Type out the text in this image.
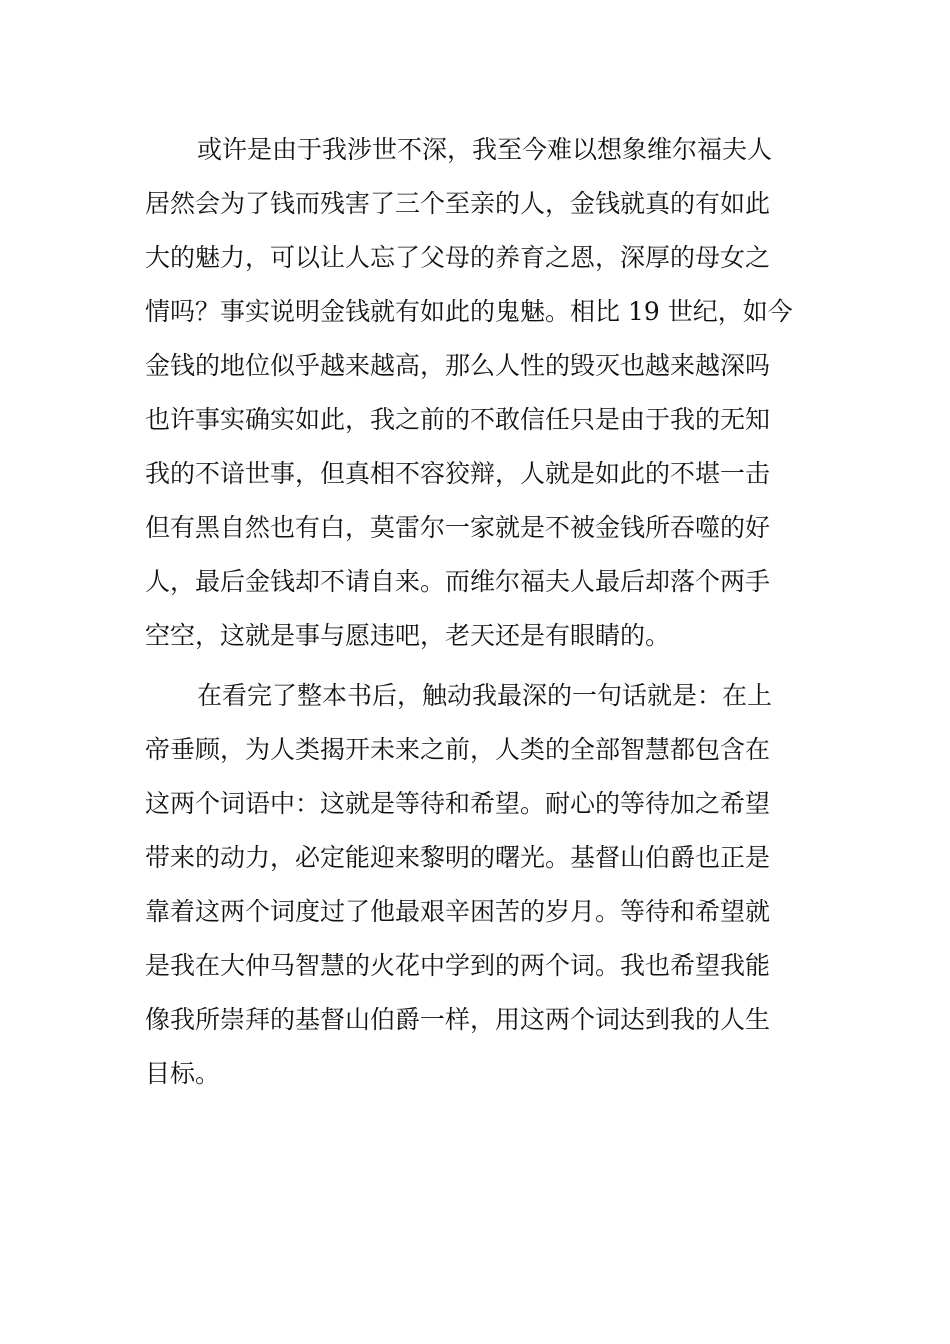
或许是由于我涉世不深，我至今难以想象维尔福夫人
居然会为了钱而残害了三个至亲的人，金钱就真的有如此
大的魅力，可以让人忘了父母的养育之恩，深厚的母女之
情吗？事实说明金钱就有如此的鬼魅。相比 19 世纪，如今
金钱的地位似乎越来越高，那么人性的毁灭也越来越深吗
也许事实确实如此，我之前的不敢信任只是由于我的无知
我的不谙世事，但真相不容狡辩，人就是如此的不堪一击
但有黑自然也有白，莫雷尔一家就是不被金钱所吞噬的好
人，最后金钱却不请自来。而维尔福夫人最后却落个两手
空空，这就是事与愿违吧，老天还是有眼睛的。
在看完了整本书后，触动我最深的一句话就是：在上
帝垂顾，为人类揭开未来之前，人类的全部智慧都包含在
这两个词语中：这就是等待和希望。耐心的等待加之希望
带来的动力，必定能迎来黎明的曙光。基督山伯爵也正是
靠着这两个词度过了他最艰辛困苦的岁月。等待和希望就
是我在大仲马智慧的火花中学到的两个词。我也希望我能
像我所崇拜的基督山伯爵一样，用这两个词达到我的人生
目标。
